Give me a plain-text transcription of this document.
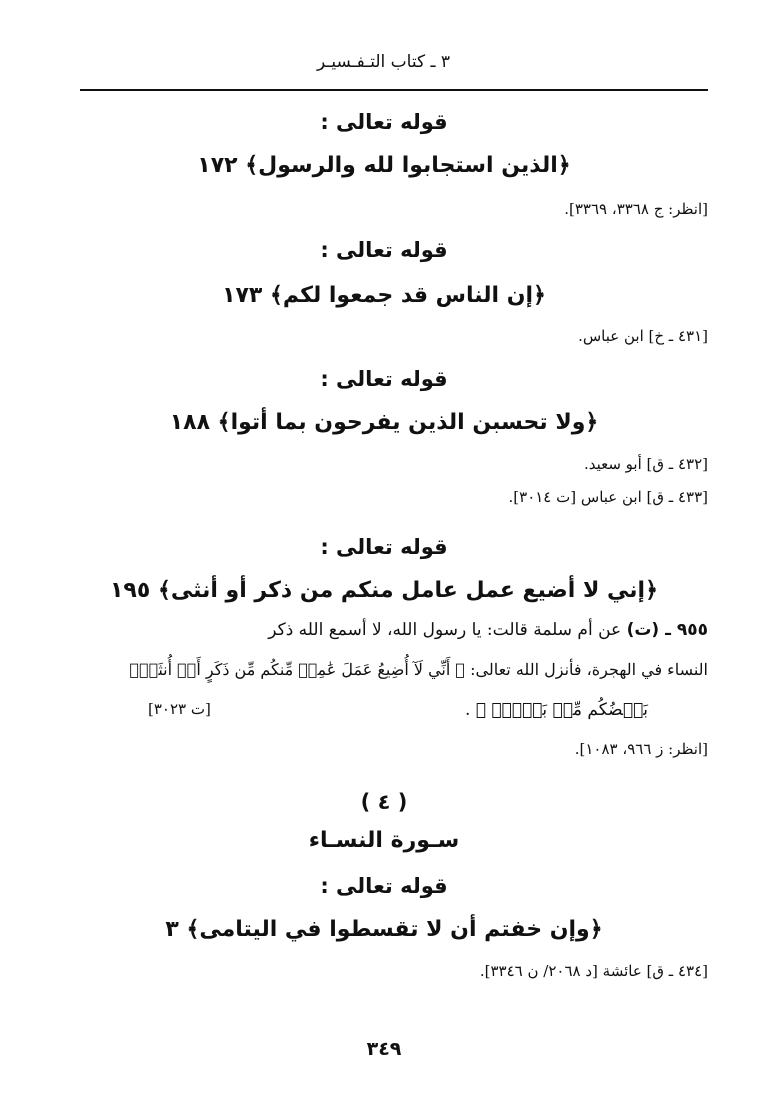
٣ ـ كتاب التـفـسيـر
قوله تعالى :
﴿الذين استجابوا لله والرسول﴾ ١٧٢
[انظر: ج ٣٣٦٨، ٣٣٦٩].
قوله تعالى :
﴿إن الناس قد جمعوا لكم﴾ ١٧٣
[٤٣١ ـ خ] ابن عباس.
قوله تعالى :
﴿ولا تحسبن الذين يفرحون بما أتوا﴾ ١٨٨
[٤٣٢ ـ ق] أبو سعيد.
[٤٣٣ ـ ق] ابن عباس [ت ٣٠١٤].
قوله تعالى :
﴿إني لا أضيع عمل عامل منكم من ذكر أو أنثى﴾ ١٩٥
٩٥٥ ـ (ت) عن أم سلمة قالت: يا رسول الله، لا أسمع الله ذكر
النساء في الهجرة، فأنزل الله تعالى: ﴿ أَنِّي لَآ أُضِيعُ عَمَلَ عَٰمِلٖ مِّنكُم مِّن ذَكَرٍ أَوۡ أُنثَىٰۖ
بَعۡضُكُم مِّنۢ بَعۡضٖۖ ﴾ .
[ت ٣٠٢٣]
[انظر: ز ٩٦٦، ١٠٨٣].
( ٤ )
سـورة النسـاء
قوله تعالى :
﴿وإن خفتم أن لا تقسطوا في اليتامى﴾ ٣
[٤٣٤ ـ ق] عائشة [د ٢٠٦٨/ ن ٣٣٤٦].
٣٤٩
